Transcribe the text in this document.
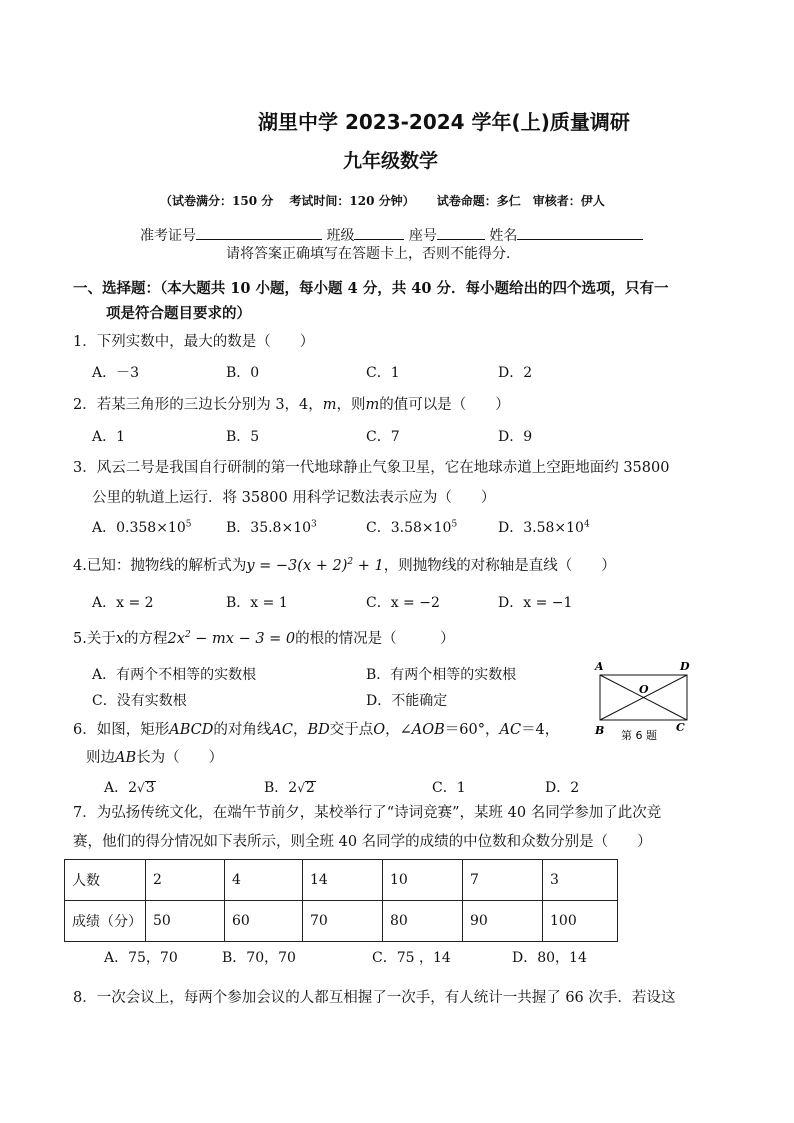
湖里中学 2023-2024 学年(上)质量调研
九年级数学
（试卷满分：150 分　 考试时间：120 分钟）　　 试卷命题：多仁　审核者：伊人
准考证号	班级	座号	姓名
请将答案正确填写在答题卡上，否则不能得分.
一、选择题：（本大题共 10 小题，每小题 4 分，共 40 分．每小题给出的四个选项，只有一
项是符合题目要求的）
1．下列实数中，最大的数是（　　）
A．－3	B．0	C．1	D．2
2．若某三角形的三边长分别为 3，4，m，则m的值可以是（　　）
A．1	B．5	C．7	D．9
3．风云二号是我国自行研制的第一代地球静止气象卫星，它在地球赤道上空距地面约 35800
公里的轨道上运行．将 35800 用科学记数法表示应为（　　）
A．$0.358\times 10^5$ B．$35.8\times 10^3$	C．$3.58\times 10^5$	D．$3.58\times 10^4$
4.已知：抛物线的解析式为$y = -3(x + 2)^2 + 1$，则抛物线的对称轴是直线（　　）
A．x = 2	B．x = 1	C．x = −2	D．x = −1
5.关于x的方程$2x^2$ − mx − 3 = 0的根的情况是（　　　）
A．有两个不相等的实数根	B．有两个相等的实数根
C．没有实数根	D．不能确定
A	D
O
B	C
第 6 题
6．如图，矩形ABCD的对角线AC，BD交于点O，∠AOB＝60°，AC＝4，
则边AB长为（　　）
A．2√3	B．2√2	C．1	D．2
7．为弘扬传统文化，在端午节前夕，某校举行了“诗词竞赛”，某班 40 名同学参加了此次竞
赛，他们的得分情况如下表所示，则全班 40 名同学的成绩的中位数和众数分别是（　　）
人数	2	4	14	10	7	3
成绩（分）	50	60	70	80	90	100
A．75，70	B．70，70	C．75 ，14	D．80，14
8．一次会议上，每两个参加会议的人都互相握了一次手，有人统计一共握了 66 次手．若设这
